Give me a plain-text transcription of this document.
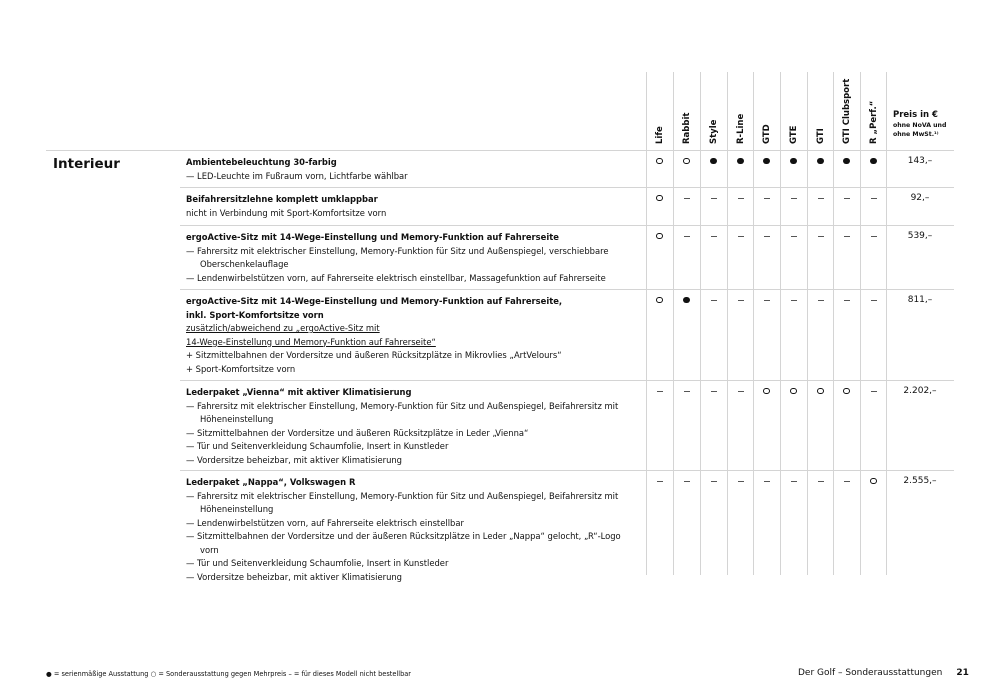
Life Rabbit Style R-Line GTD GTE GTI GTI Clubsport R „Perf.“
Ambientebeleuchtung 30-farbig
— LED-Leuchte im Fußraum vorn, Lichtfarbe wählbar
143,–
Beifahrersitzlehne komplett umklappbar
nicht in Verbindung mit Sport-Komfortsitze vorn
92,–
ergoActive-Sitz mit 14-Wege-Einstellung und Memory-Funktion auf Fahrerseite
— Fahrersitz mit elektrischer Einstellung, Memory-Funktion für Sitz und Außenspiegel, verschiebbare Oberschenkelauflage
— Lendenwirbelstützen vorn, auf Fahrerseite elektrisch einstellbar, Massagefunktion auf Fahrerseite
539,–
ergoActive-Sitz mit 14-Wege-Einstellung und Memory-Funktion auf Fahrerseite,
inkl. Sport-Komfortsitze vorn
zusätzlich/abweichend zu „ergoActive-Sitz mit
14-Wege-Einstellung und Memory-Funktion auf Fahrerseite“
+ Sitzmittelbahnen der Vordersitze und äußeren Rücksitzplätze in Mikrovlies „ArtVelours“
+ Sport-Komfortsitze vorn
811,–
Lederpaket „Vienna“ mit aktiver Klimatisierung
— Fahrersitz mit elektrischer Einstellung, Memory-Funktion für Sitz und Außenspiegel, Beifahrersitz mit Höheneinstellung
— Sitzmittelbahnen der Vordersitze und äußeren Rücksitzplätze in Leder „Vienna“
— Tür und Seitenverkleidung Schaumfolie, Insert in Kunstleder
— Vordersitze beheizbar, mit aktiver Klimatisierung
2.202,–
Lederpaket „Nappa“, Volkswagen R
— Fahrersitz mit elektrischer Einstellung, Memory-Funktion für Sitz und Außenspiegel, Beifahrersitz mit Höheneinstellung
— Lendenwirbelstützen vorn, auf Fahrerseite elektrisch einstellbar
— Sitzmittelbahnen der Vordersitze und der äußeren Rücksitzplätze in Leder „Nappa“ gelocht, „R“-Logo vorn
— Tür und Seitenverkleidung Schaumfolie, Insert in Kunstleder
— Vordersitze beheizbar, mit aktiver Klimatisierung
2.555,–
Preis in €
ohne NoVA und
ohne MwSt.¹⁾
Interieur
● = serienmäßige Ausstattung ○ = Sonderausstattung gegen Mehrpreis – = für dieses Modell nicht bestellbar	Der Golf – Sonderausstattungen 21
